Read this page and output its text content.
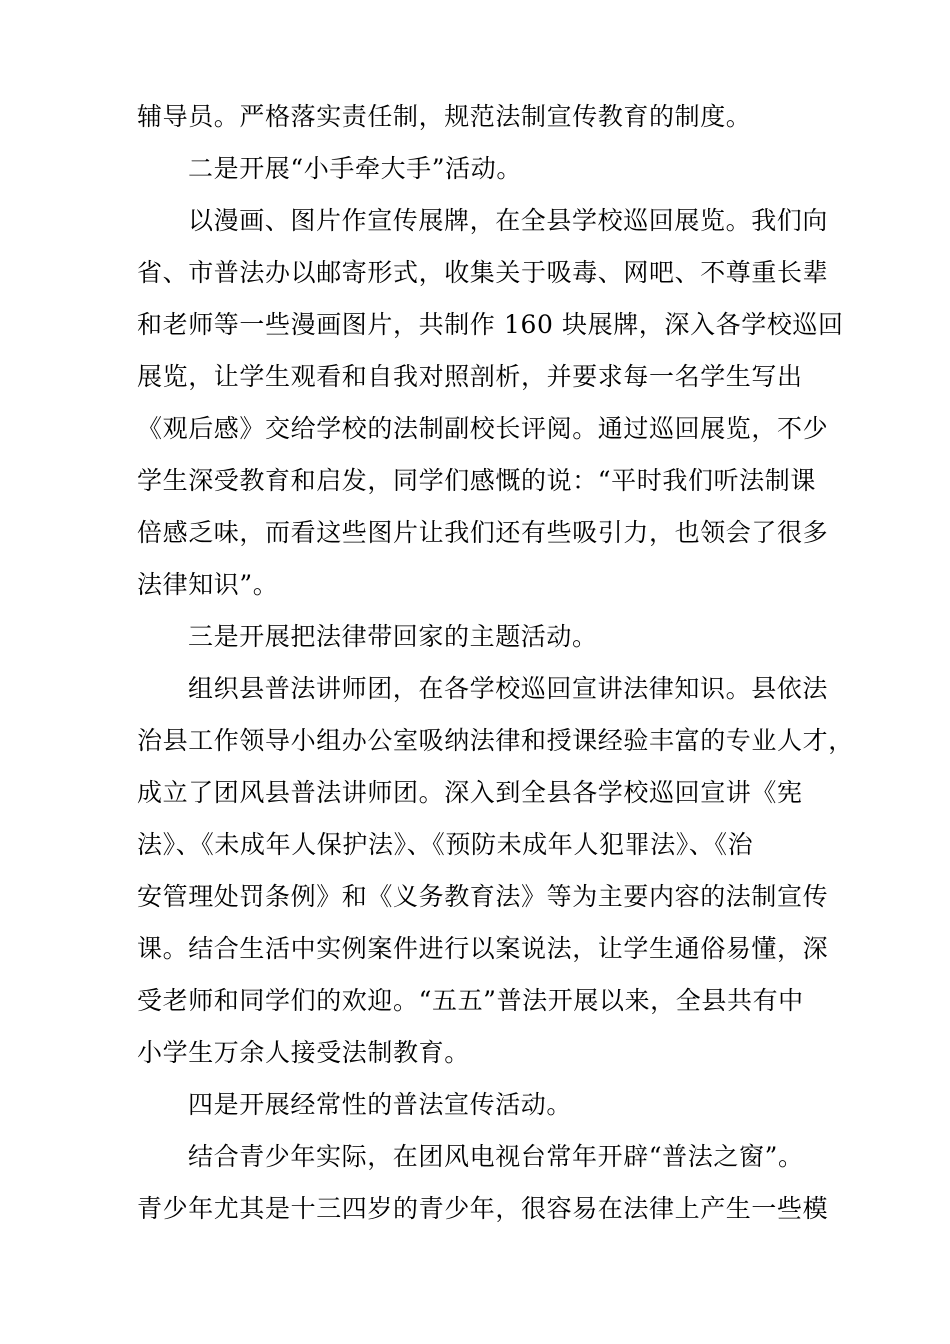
辅导员。严格落实责任制，规范法制宣传教育的制度。
二是开展“小手牵大手”活动。
以漫画、图片作宣传展牌，在全县学校巡回展览。我们向
省、市普法办以邮寄形式，收集关于吸毒、网吧、不尊重长辈
和老师等一些漫画图片，共制作 160 块展牌，深入各学校巡回
展览，让学生观看和自我对照剖析，并要求每一名学生写出
《观后感》交给学校的法制副校长评阅。通过巡回展览，不少
学生深受教育和启发，同学们感慨的说：“平时我们听法制课
倍感乏味，而看这些图片让我们还有些吸引力，也领会了很多
法律知识”。
三是开展把法律带回家的主题活动。
组织县普法讲师团，在各学校巡回宣讲法律知识。县依法
治县工作领导小组办公室吸纳法律和授课经验丰富的专业人才，
成立了团风县普法讲师团。深入到全县各学校巡回宣讲《宪
法》、《未成年人保护法》、《预防未成年人犯罪法》、《治
安管理处罚条例》和《义务教育法》等为主要内容的法制宣传
课。结合生活中实例案件进行以案说法，让学生通俗易懂，深
受老师和同学们的欢迎。“五五”普法开展以来，全县共有中
小学生万余人接受法制教育。
四是开展经常性的普法宣传活动。
结合青少年实际，在团风电视台常年开辟“普法之窗”。
青少年尤其是十三四岁的青少年，很容易在法律上产生一些模
